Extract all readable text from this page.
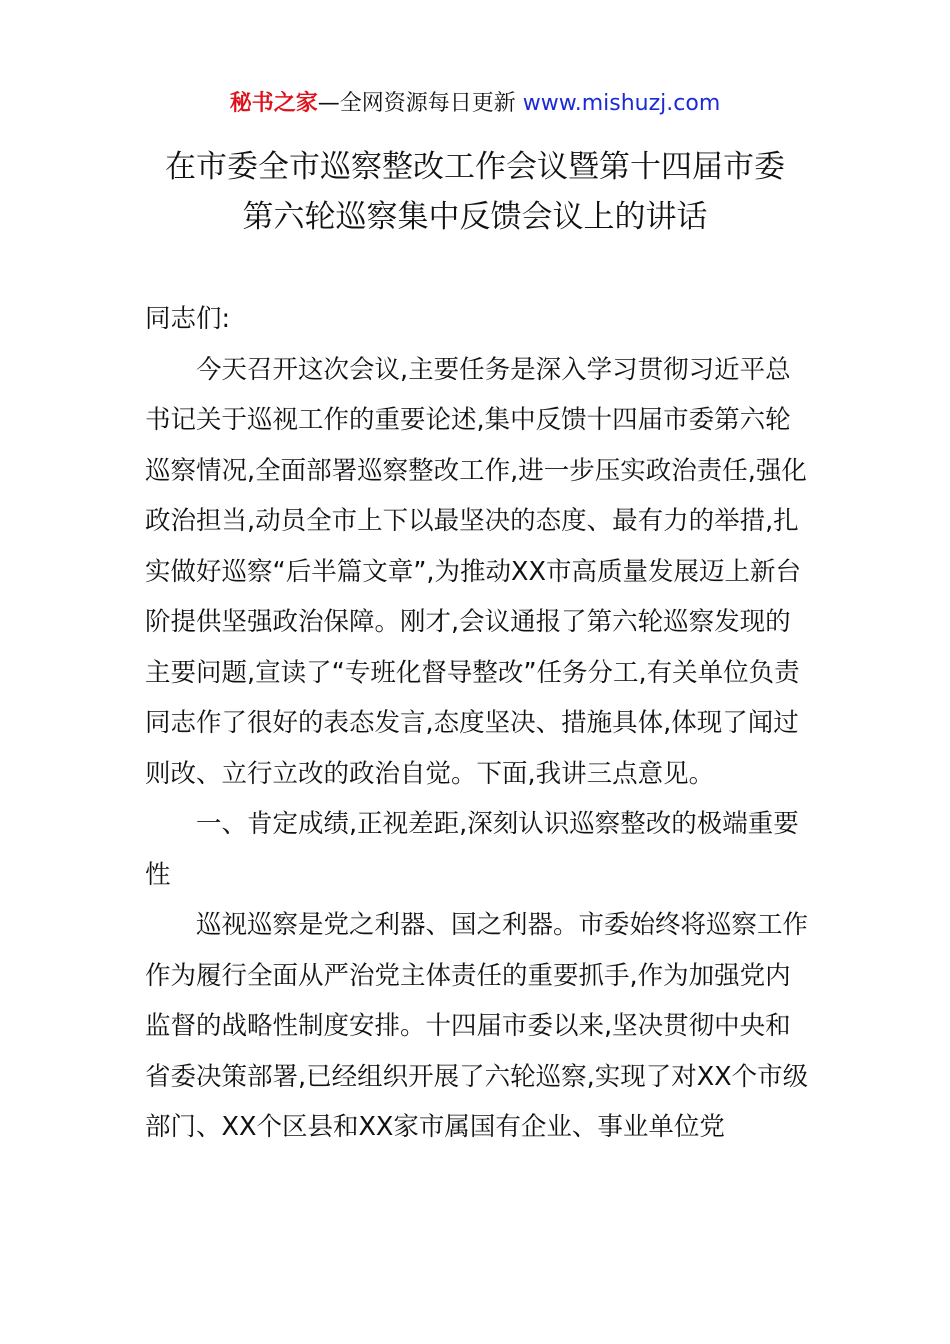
秘书之家—全网资源每日更新 www.mishuzj.com
在市委全市巡察整改工作会议暨第十四届市委
第六轮巡察集中反馈会议上的讲话

同志们:

今天召开这次会议,主要任务是深入学习贯彻习近平总书记关于巡视工作的重要论述,集中反馈十四届市委第六轮巡察情况,全面部署巡察整改工作,进一步压实政治责任,强化政治担当,动员全市上下以最坚决的态度、最有力的举措,扎实做好巡察“后半篇文章”,为推动XX市高质量发展迈上新台阶提供坚强政治保障。刚才,会议通报了第六轮巡察发现的主要问题,宣读了“专班化督导整改”任务分工,有关单位负责同志作了很好的表态发言,态度坚决、措施具体,体现了闻过则改、立行立改的政治自觉。下面,我讲三点意见。

一、肯定成绩,正视差距,深刻认识巡察整改的极端重要性

巡视巡察是党之利器、国之利器。市委始终将巡察工作作为履行全面从严治党主体责任的重要抓手,作为加强党内监督的战略性制度安排。十四届市委以来,坚决贯彻中央和省委决策部署,已经组织开展了六轮巡察,实现了对XX个市级部门、XX个区县和XX家市属国有企业、事业单位党
